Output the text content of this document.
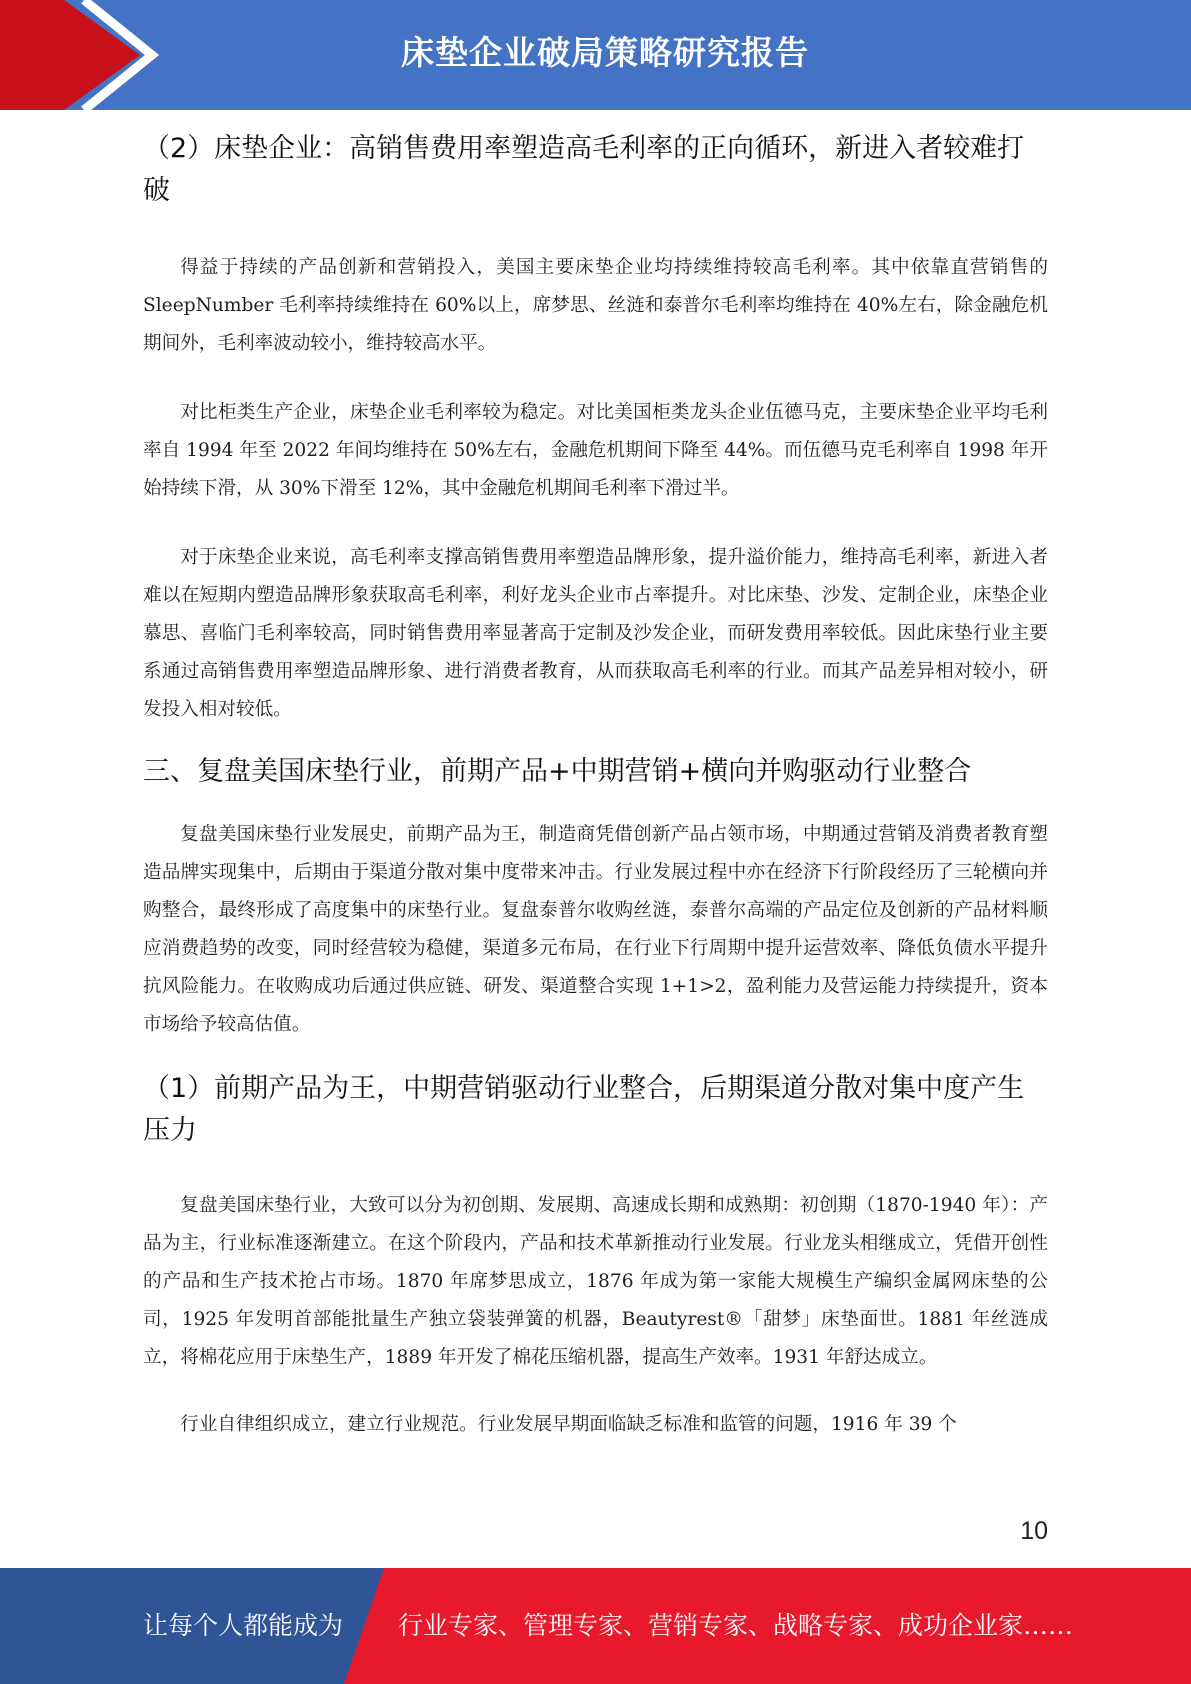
床垫企业破局策略研究报告
（2）床垫企业：高销售费用率塑造高毛利率的正向循环，新进入者较难打破

得益于持续的产品创新和营销投入，美国主要床垫企业均持续维持较高毛利率。其中依靠直营销售的 SleepNumber 毛利率持续维持在 60%以上，席梦思、丝涟和泰普尔毛利率均维持在 40%左右，除金融危机期间外，毛利率波动较小，维持较高水平。

对比柜类生产企业，床垫企业毛利率较为稳定。对比美国柜类龙头企业伍德马克，主要床垫企业平均毛利率自 1994 年至 2022 年间均维持在 50%左右，金融危机期间下降至 44%。而伍德马克毛利率自 1998 年开始持续下滑，从 30%下滑至 12%，其中金融危机期间毛利率下滑过半。

对于床垫企业来说，高毛利率支撑高销售费用率塑造品牌形象，提升溢价能力，维持高毛利率，新进入者难以在短期内塑造品牌形象获取高毛利率，利好龙头企业市占率提升。对比床垫、沙发、定制企业，床垫企业慕思、喜临门毛利率较高，同时销售费用率显著高于定制及沙发企业，而研发费用率较低。因此床垫行业主要系通过高销售费用率塑造品牌形象、进行消费者教育，从而获取高毛利率的行业。而其产品差异相对较小，研发投入相对较低。

三、复盘美国床垫行业，前期产品+中期营销+横向并购驱动行业整合

复盘美国床垫行业发展史，前期产品为王，制造商凭借创新产品占领市场，中期通过营销及消费者教育塑造品牌实现集中，后期由于渠道分散对集中度带来冲击。行业发展过程中亦在经济下行阶段经历了三轮横向并购整合，最终形成了高度集中的床垫行业。复盘泰普尔收购丝涟，泰普尔高端的产品定位及创新的产品材料顺应消费趋势的改变，同时经营较为稳健，渠道多元布局，在行业下行周期中提升运营效率、降低负债水平提升抗风险能力。在收购成功后通过供应链、研发、渠道整合实现 1+1>2，盈利能力及营运能力持续提升，资本市场给予较高估值。

（1）前期产品为王，中期营销驱动行业整合，后期渠道分散对集中度产生压力

复盘美国床垫行业，大致可以分为初创期、发展期、高速成长期和成熟期：初创期（1870-1940 年）：产品为主，行业标准逐渐建立。在这个阶段内，产品和技术革新推动行业发展。行业龙头相继成立，凭借开创性的产品和生产技术抢占市场。1870 年席梦思成立，1876 年成为第一家能大规模生产编织金属网床垫的公司，1925 年发明首部能批量生产独立袋装弹簧的机器，Beautyrest®「甜梦」床垫面世。1881 年丝涟成立，将棉花应用于床垫生产，1889 年开发了棉花压缩机器，提高生产效率。1931 年舒达成立。

行业自律组织成立，建立行业规范。行业发展早期面临缺乏标准和监管的问题，1916 年 39 个

10
让每个人都能成为 行业专家、管理专家、营销专家、战略专家、成功企业家……
